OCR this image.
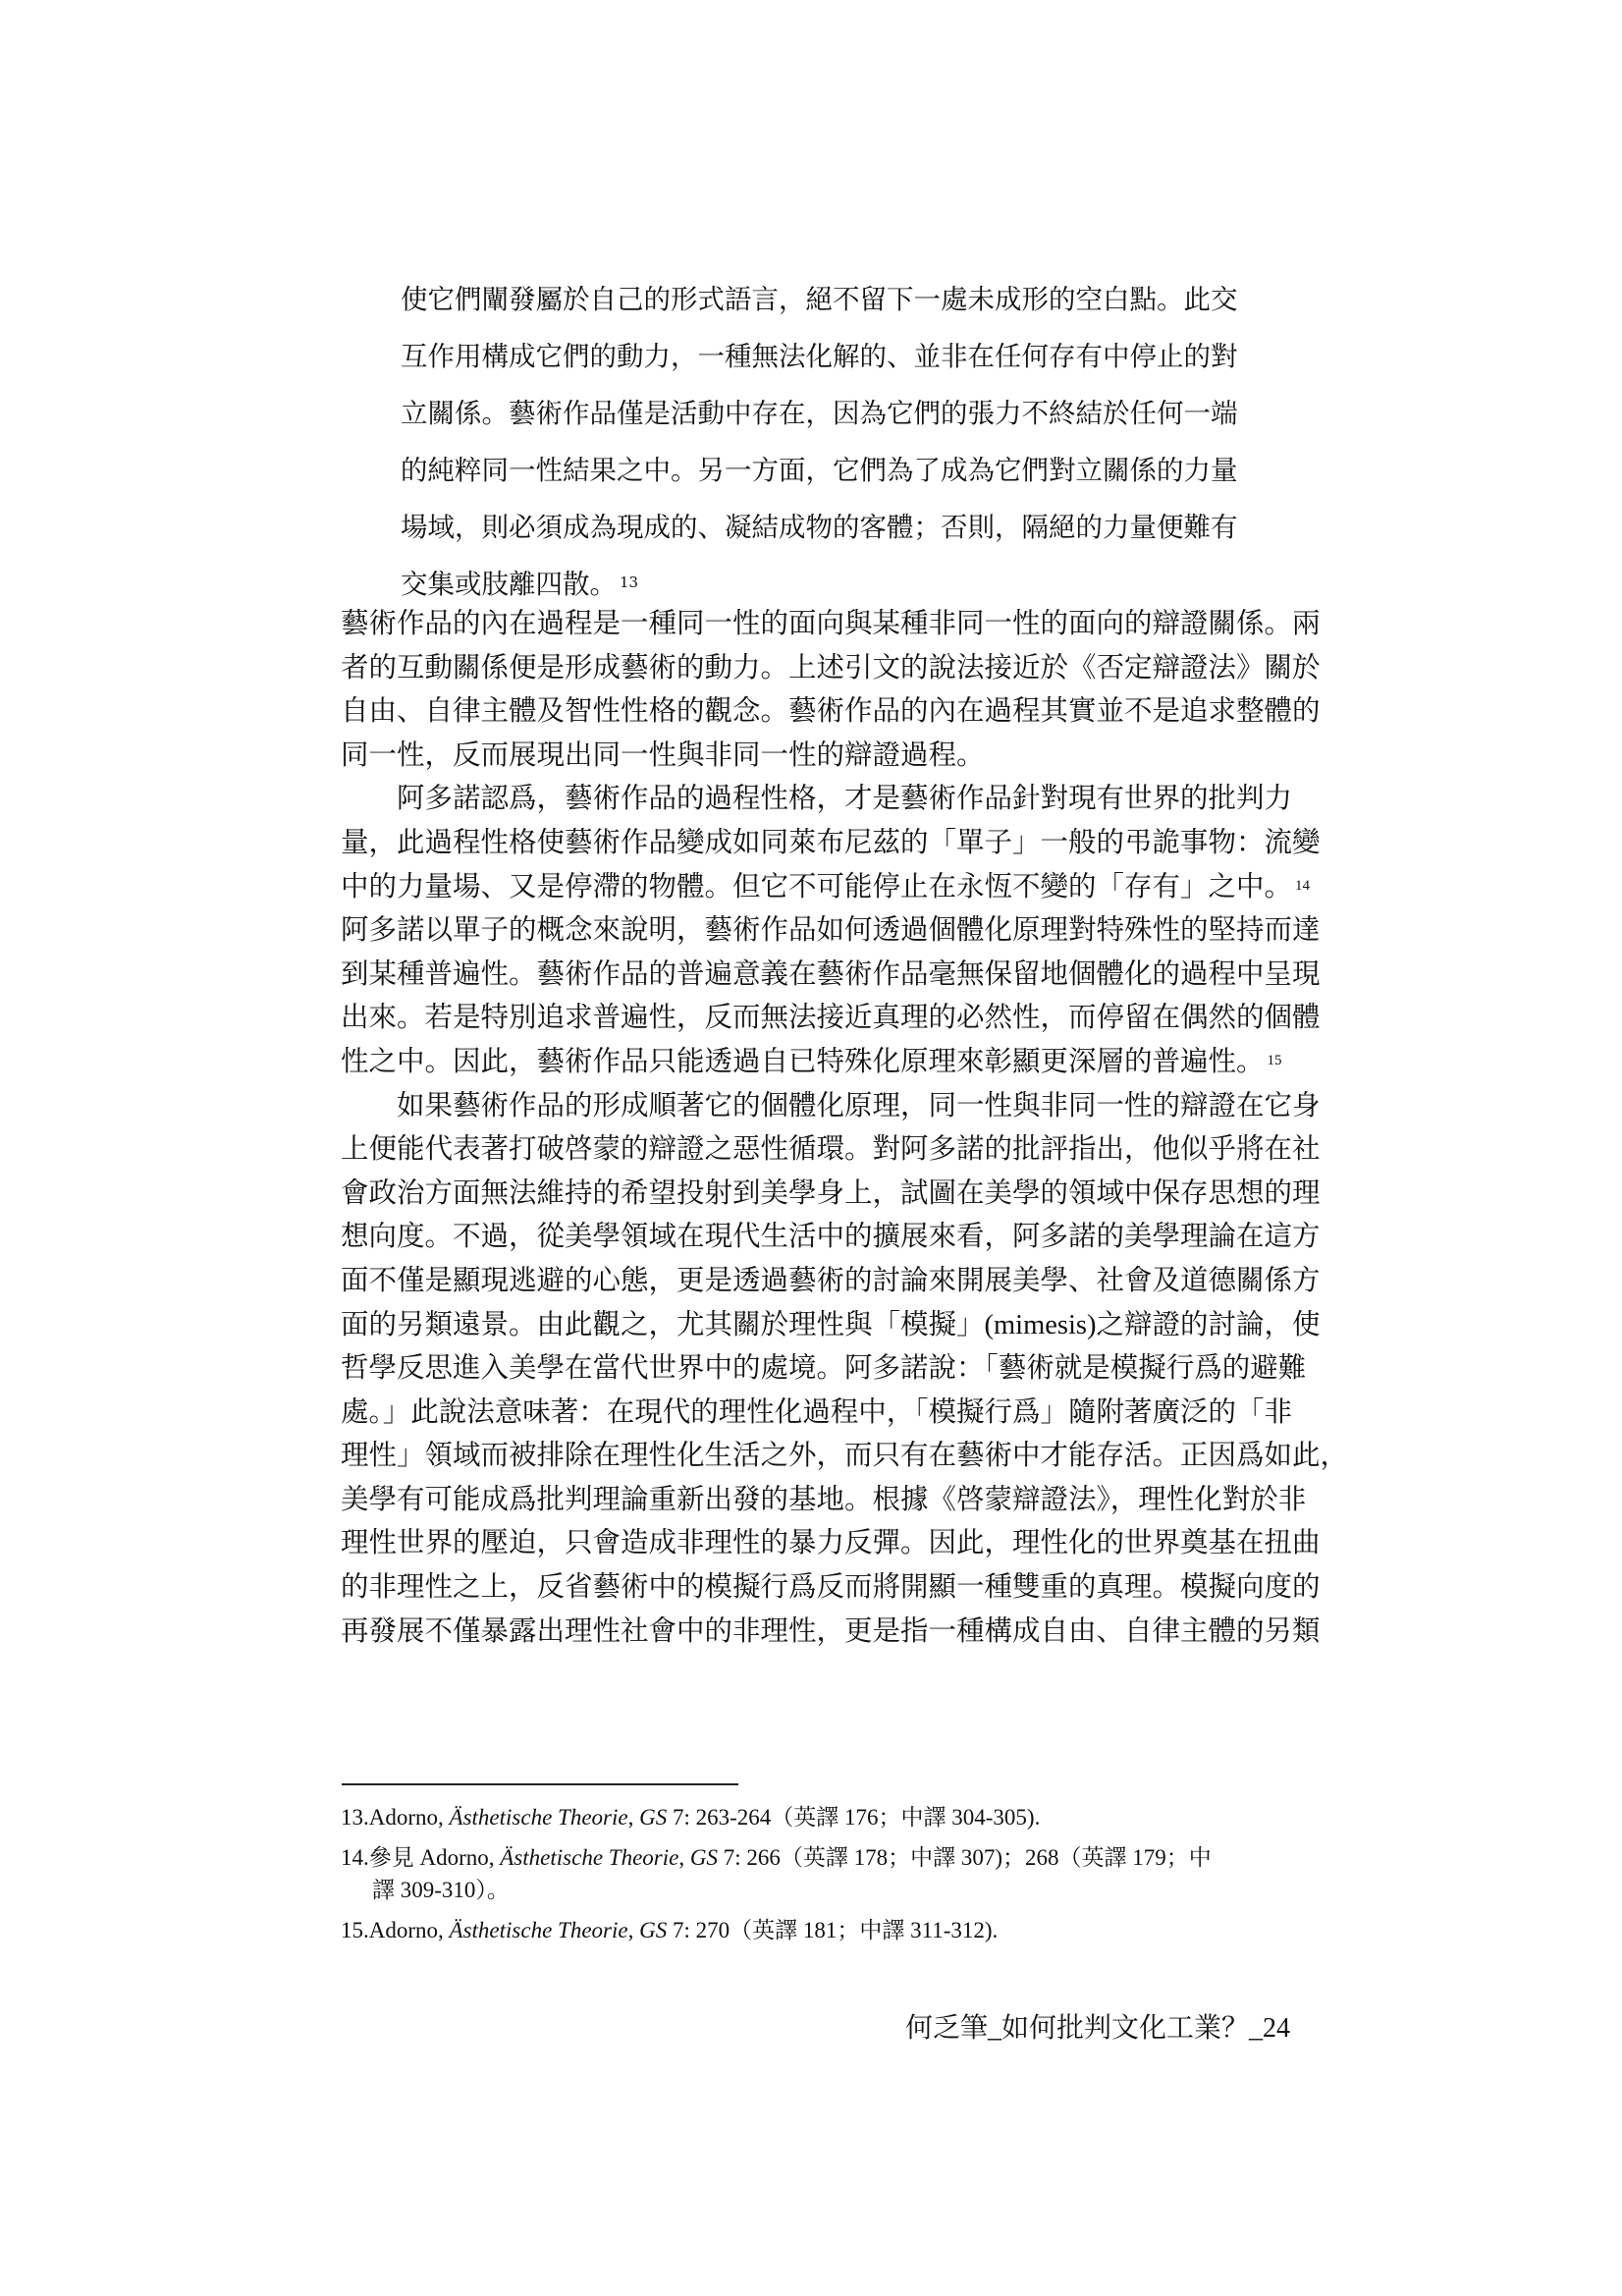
使它們闡發屬於自己的形式語言，絕不留下一處未成形的空白點。此交
互作用構成它們的動力，一種無法化解的、並非在任何存有中停止的對
立關係。藝術作品僅是活動中存在，因為它們的張力不終結於任何一端
的純粹同一性結果之中。另一方面，它們為了成為它們對立關係的力量
場域，則必須成為現成的、凝結成物的客體；否則，隔絕的力量便難有
交集或肢離四散。 $^{13}$
藝術作品的內在過程是一種同一性的面向與某種非同一性的面向的辯證關係。兩
者的互動關係便是形成藝術的動力。上述引文的說法接近於《否定辯證法》關於
自由、自律主體及智性性格的觀念。藝術作品的內在過程其實並不是追求整體的
同一性，反而展現出同一性與非同一性的辯證過程。
阿多諾認爲，藝術作品的過程性格，才是藝術作品針對現有世界的批判力
量，此過程性格使藝術作品變成如同萊布尼茲的「單子」一般的弔詭事物：流變
中的力量場、又是停滯的物體。但它不可能停止在永恆不變的「存有」之中。 $^{14}$
阿多諾以單子的概念來說明，藝術作品如何透過個體化原理對特殊性的堅持而達
到某種普遍性。藝術作品的普遍意義在藝術作品毫無保留地個體化的過程中呈現
出來。若是特別追求普遍性，反而無法接近真理的必然性，而停留在偶然的個體
性之中。因此，藝術作品只能透過自已特殊化原理來彰顯更深層的普遍性。 $^{15}$
如果藝術作品的形成順著它的個體化原理，同一性與非同一性的辯證在它身
上便能代表著打破啓蒙的辯證之惡性循環。對阿多諾的批評指出，他似乎將在社
會政治方面無法維持的希望投射到美學身上，試圖在美學的領域中保存思想的理
想向度。不過，從美學領域在現代生活中的擴展來看，阿多諾的美學理論在這方
面不僅是顯現逃避的心態，更是透過藝術的討論來開展美學、社會及道德關係方
面的另類遠景。由此觀之，尤其關於理性與「模擬」(mimesis)之辯證的討論，使
哲學反思進入美學在當代世界中的處境。阿多諾說：「藝術就是模擬行爲的避難
處。」此說法意味著：在現代的理性化過程中，「模擬行爲」隨附著廣泛的「非
理性」領域而被排除在理性化生活之外，而只有在藝術中才能存活。正因爲如此，
美學有可能成爲批判理論重新出發的基地。根據《啓蒙辯證法》，理性化對於非
理性世界的壓迫，只會造成非理性的暴力反彈。因此，理性化的世界奠基在扭曲
的非理性之上，反省藝術中的模擬行爲反而將開顯一種雙重的真理。模擬向度的
再發展不僅暴露出理性社會中的非理性，更是指一種構成自由、自律主體的另類
13.Adorno, Ästhetische Theorie, GS 7: 263-264（英譯 176；中譯 304-305).
14.參見 Adorno, Ästhetische Theorie, GS 7: 266（英譯 178；中譯 307)；268（英譯 179；中
譯 309-310）。
15.Adorno, Ästhetische Theorie, GS 7: 270（英譯 181；中譯 311-312).
何乏筆_如何批判文化工業？_24
